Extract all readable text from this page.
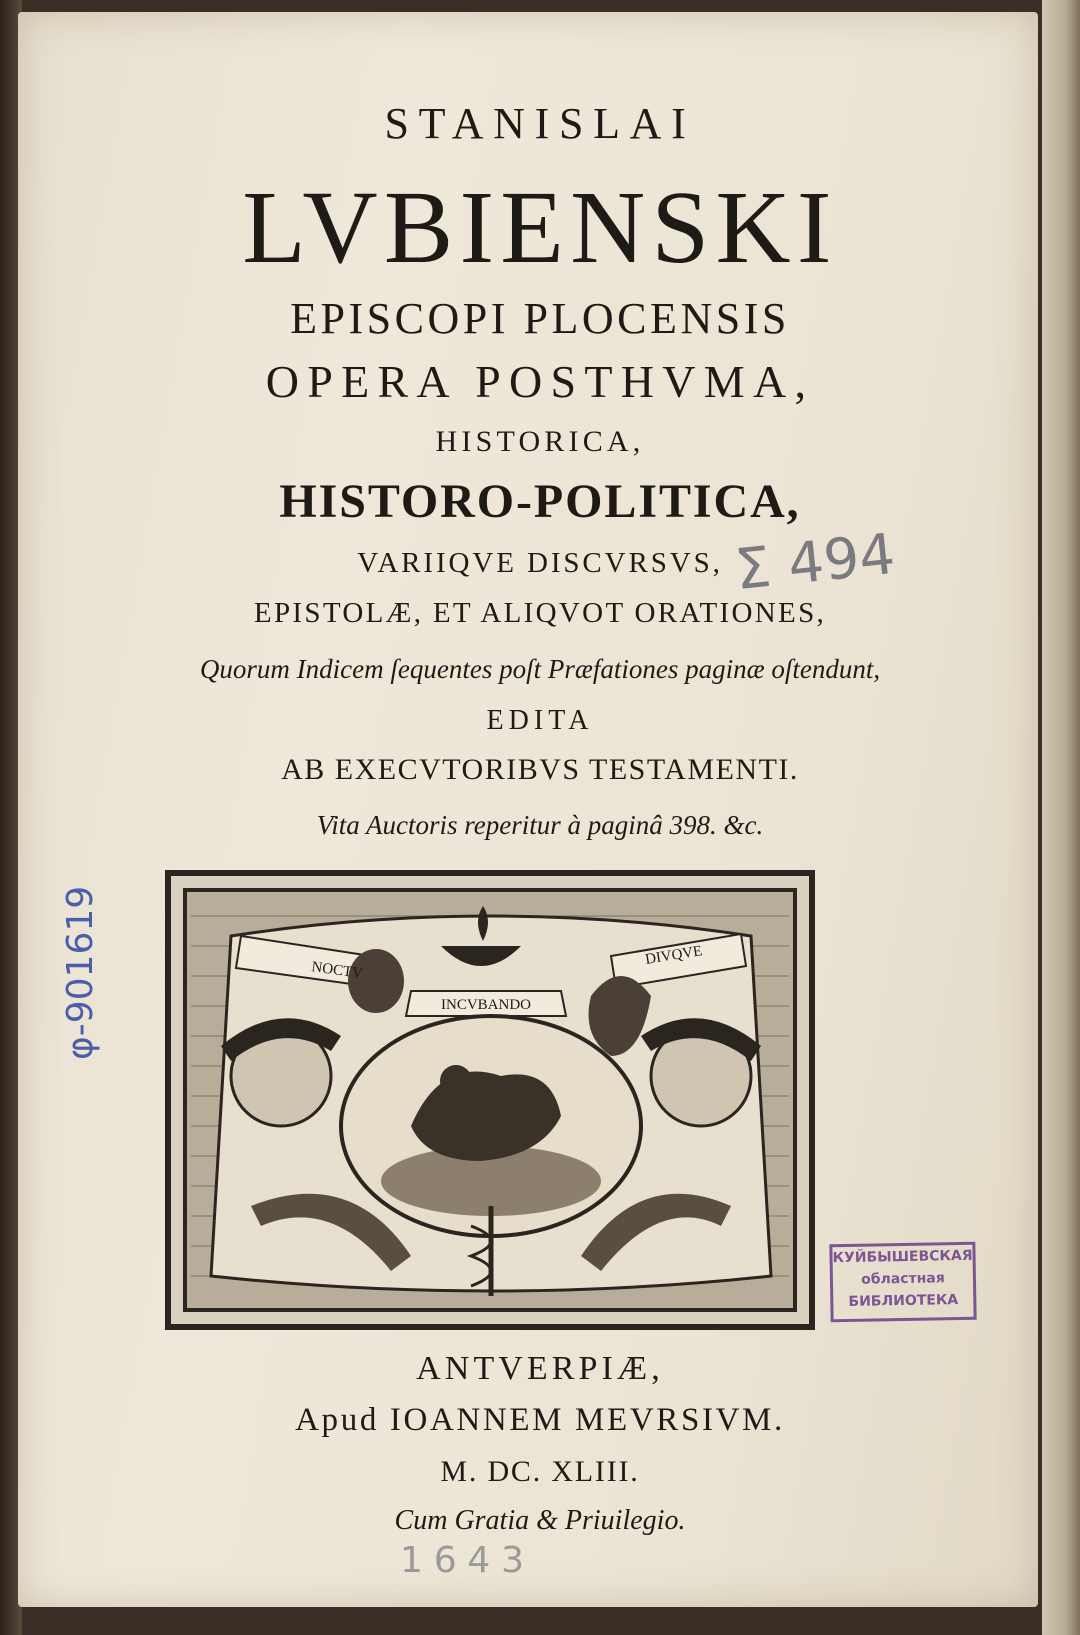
STANISLAI
LVBIENSKI
EPISCOPI PLOCENSIS
OPERA POSTHVMA,
HISTORICA,
HISTORO-POLITICA,
VARIIQVE DISCVRSVS,
EPISTOLÆ, ET ALIQVOT ORATIONES,
Quorum Indicem ſequentes poſt Præfationes paginæ oſtendunt,
EDITA
AB EXECVTORIBVS TESTAMENTI.
Vita Auctoris reperitur à paginâ 398. &c.
NOCTV
DIVQVE
INCVBANDO
ANTVERPIÆ,
Apud IOANNEM MEVRSIVM.
M. DC. XLIII.
Cum Gratia & Priuilegio.
Σ 494
φ-901619
1643
КУЙБЫШЕВСКАЯ
областная
БИБЛИОТЕКА
